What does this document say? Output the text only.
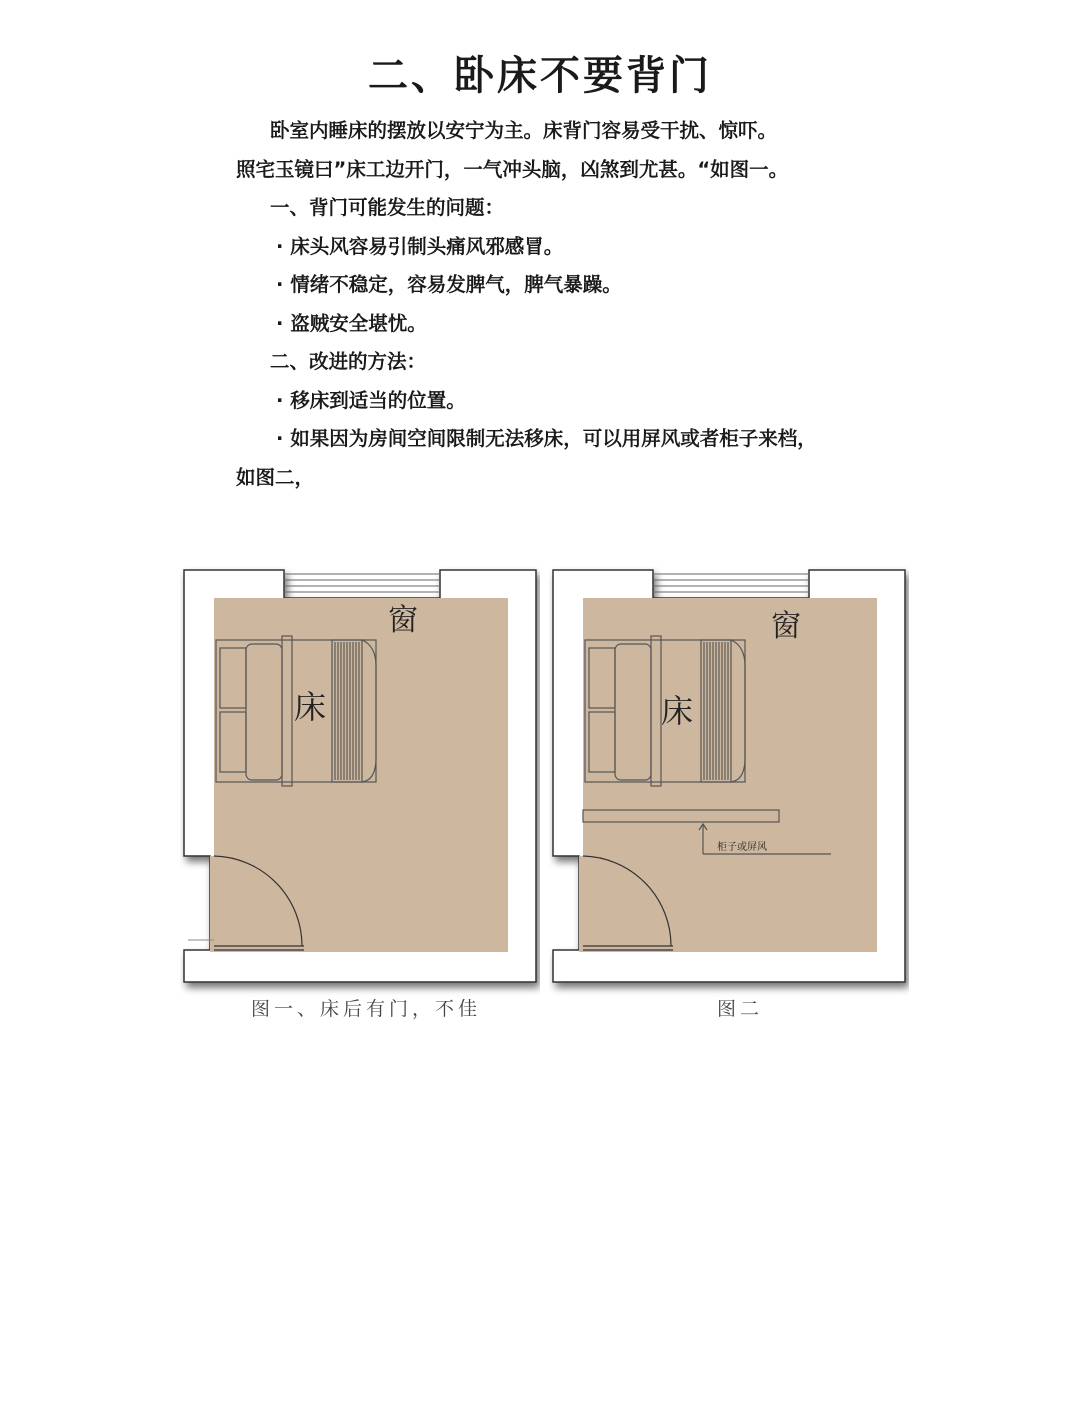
二、卧床不要背门

卧室内睡床的摆放以安宁为主。床背门容易受干扰、惊吓。

照宅玉镜曰”床工边开门，一气冲头脑，凶煞到尤甚。“如图一。

一、背门可能发生的问题：

· 床头风容易引制头痛风邪感冒。

· 情绪不稳定，容易发脾气，脾气暴躁。

· 盗贼安全堪忧。

二、改进的方法：

· 移床到适当的位置。

· 如果因为房间空间限制无法移床，可以用屏风或者柜子来档，

如图二，

窗
床
图一、床后有门，不佳
窗
床
柜子或屏风
图二
